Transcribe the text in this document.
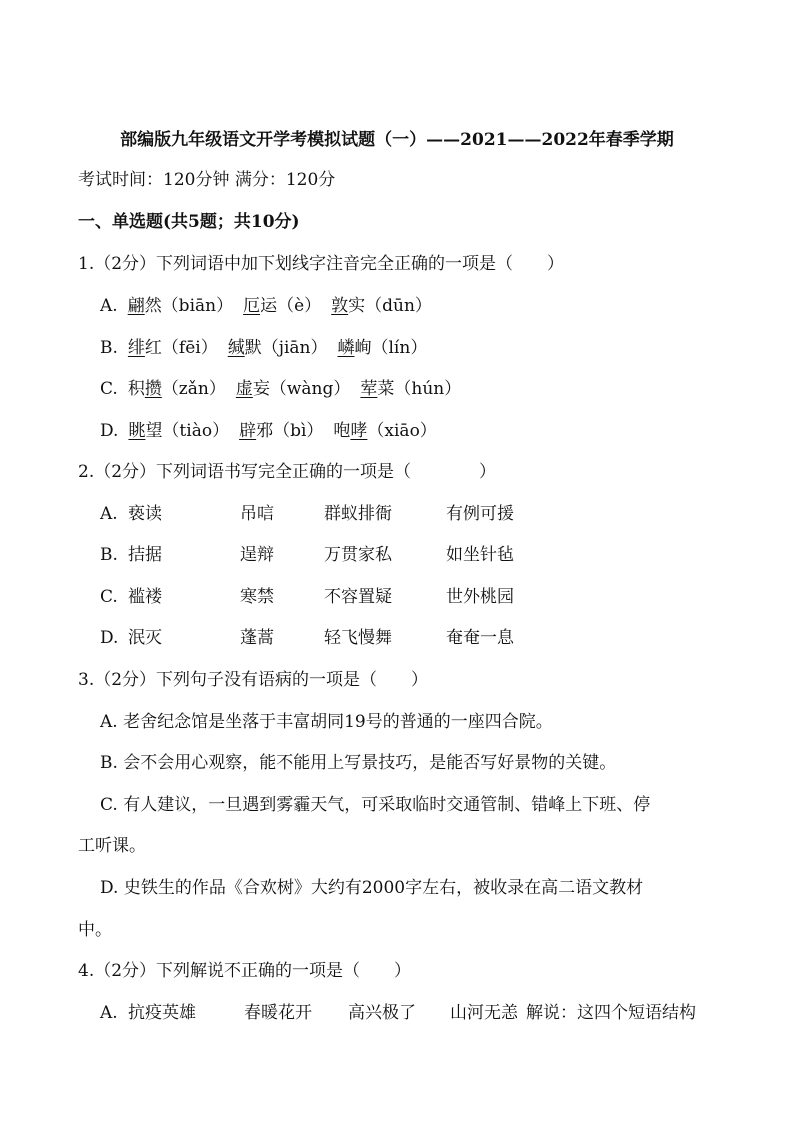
部编版九年级语文开学考模拟试题（一）——2021——2022年春季学期
考试时间：120分钟 满分：120分
一、单选题(共5题；共10分)
1.（2分）下列词语中加下划线字注音完全正确的一项是（　　）
A. 翩然（biān） 厄运（è） 敦实（dūn）
B. 绯红（fēi） 缄默（jiān） 嶙峋（lín）
C. 积攒（zǎn） 虚妄（wàng） 荤菜（hún）
D. 眺望（tiào） 辟邪（bì） 咆哮（xiāo）
2.（2分）下列词语书写完全正确的一项是（　　　　）
A. 亵读	吊唁	群蚁排衙	有例可援
B. 拮据	逞辩	万贯家私	如坐针毡
C. 褴褛	寒禁	不容置疑	世外桃园
D. 泯灭	蓬蒿	轻飞慢舞	奄奄一息
3.（2分）下列句子没有语病的一项是（　　）
A. 老舍纪念馆是坐落于丰富胡同19号的普通的一座四合院。
B. 会不会用心观察，能不能用上写景技巧，是能否写好景物的关键。
C. 有人建议，一旦遇到雾霾天气，可采取临时交通管制、错峰上下班、停
工听课。
D. 史铁生的作品《合欢树》大约有2000字左右，被收录在高二语文教材
中。
4.（2分）下列解说不正确的一项是（　　）
A. 抗疫英雄	春暖花开 高兴极了 山河无恙 解说：这四个短语结构
